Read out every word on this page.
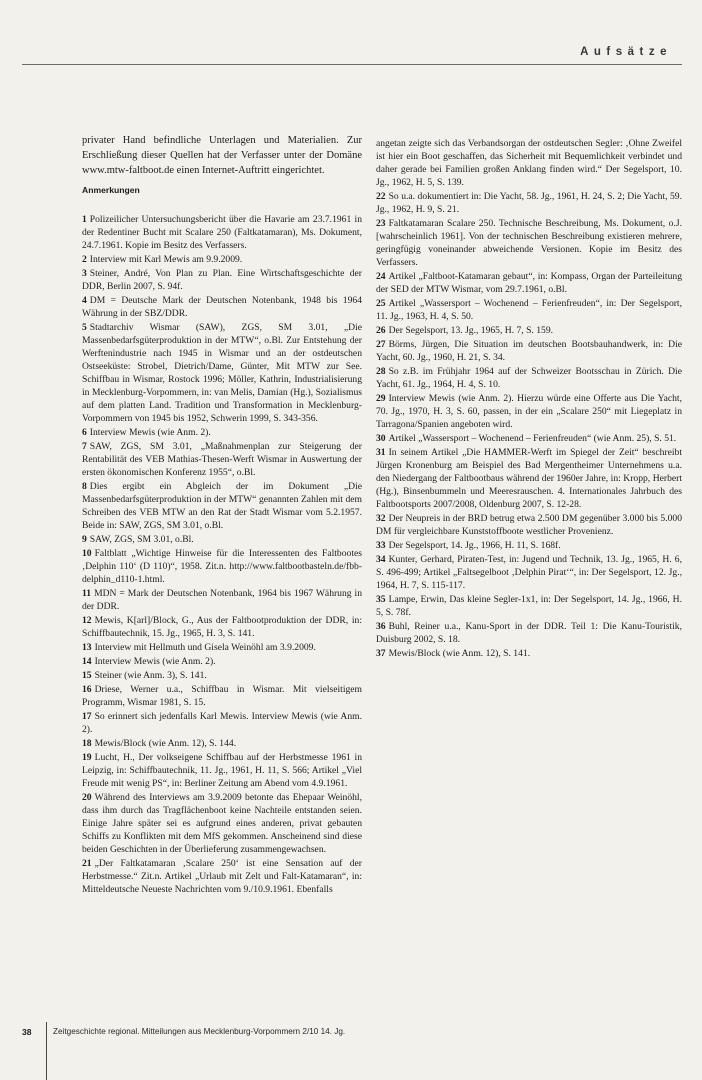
Aufsätze

privater Hand befindliche Unterlagen und Materialien. Zur Erschließung dieser Quellen hat der Verfasser unter der Domäne www.mtw-faltboot.de einen Internet-Auftritt eingerichtet.

Anmerkungen

1 Polizeilicher Untersuchungsbericht über die Havarie am 23.7.1961 in der Redentiner Bucht mit Scalare 250 (Faltkatamaran), Ms. Dokument, 24.7.1961. Kopie im Besitz des Verfassers.

2 Interview mit Karl Mewis am 9.9.2009.

3 Steiner, André, Von Plan zu Plan. Eine Wirtschaftsgeschichte der DDR, Berlin 2007, S. 94f.

4 DM = Deutsche Mark der Deutschen Notenbank, 1948 bis 1964 Währung in der SBZ/DDR.

5 Stadtarchiv Wismar (SAW), ZGS, SM 3.01, „Die Massenbedarfsgüterproduktion in der MTW“, o.Bl. Zur Entstehung der Werftenindustrie nach 1945 in Wismar und an der ostdeutschen Ostseeküste: Strobel, Dietrich/Dame, Günter, Mit MTW zur See. Schiffbau in Wismar, Rostock 1996; Möller, Kathrin, Industrialisierung in Mecklenburg-Vorpommern, in: van Melis, Damian (Hg.), Sozialismus auf dem platten Land. Tradition und Transformation in Mecklenburg-Vorpommern von 1945 bis 1952, Schwerin 1999, S. 343-356.

6 Interview Mewis (wie Anm. 2).

7 SAW, ZGS, SM 3.01, „Maßnahmenplan zur Steigerung der Rentabilität des VEB Mathias-Thesen-Werft Wismar in Auswertung der ersten ökonomischen Konferenz 1955“, o.Bl.

8 Dies ergibt ein Abgleich der im Dokument „Die Massenbedarfsgüterproduktion in der MTW“ genannten Zahlen mit dem Schreiben des VEB MTW an den Rat der Stadt Wismar vom 5.2.1957. Beide in: SAW, ZGS, SM 3.01, o.Bl.

9 SAW, ZGS, SM 3.01, o.Bl.

10 Faltblatt „Wichtige Hinweise für die Interessenten des Faltbootes ‚Delphin 110‘ (D 110)“, 1958. Zit.n. http://www.faltbootbasteln.de/fbb-delphin_d110-1.html.

11 MDN = Mark der Deutschen Notenbank, 1964 bis 1967 Währung in der DDR.

12 Mewis, K[arl]/Block, G., Aus der Faltbootproduktion der DDR, in: Schiffbautechnik, 15. Jg., 1965, H. 3, S. 141.

13 Interview mit Hellmuth und Gisela Weinöhl am 3.9.2009.

14 Interview Mewis (wie Anm. 2).

15 Steiner (wie Anm. 3), S. 141.

16 Driese, Werner u.a., Schiffbau in Wismar. Mit vielseitigem Programm, Wismar 1981, S. 15.

17 So erinnert sich jedenfalls Karl Mewis. Interview Mewis (wie Anm. 2).

18 Mewis/Block (wie Anm. 12), S. 144.

19 Lucht, H., Der volkseigene Schiffbau auf der Herbstmesse 1961 in Leipzig, in: Schiffbautechnik, 11. Jg., 1961, H. 11, S. 566; Artikel „Viel Freude mit wenig PS“, in: Berliner Zeitung am Abend vom 4.9.1961.

20 Während des Interviews am 3.9.2009 betonte das Ehepaar Weinöhl, dass ihm durch das Tragflächenboot keine Nachteile entstanden seien. Einige Jahre später sei es aufgrund eines anderen, privat gebauten Schiffs zu Konflikten mit dem MfS gekommen. Anscheinend sind diese beiden Geschichten in der Überlieferung zusammengewachsen.

21 „Der Faltkatamaran ‚Scalare 250‘ ist eine Sensation auf der Herbstmesse.“ Zit.n. Artikel „Urlaub mit Zelt und Falt-Katamaran“, in: Mitteldeutsche Neueste Nachrichten vom 9./10.9.1961. Ebenfalls

angetan zeigte sich das Verbandsorgan der ostdeutschen Segler: ‚Ohne Zweifel ist hier ein Boot geschaffen, das Sicherheit mit Bequemlichkeit verbindet und daher gerade bei Familien großen Anklang finden wird.“ Der Segelsport, 10. Jg., 1962, H. 5, S. 139.

22 So u.a. dokumentiert in: Die Yacht, 58. Jg., 1961, H. 24, S. 2; Die Yacht, 59. Jg., 1962, H. 9, S. 21.

23 Faltkatamaran Scalare 250. Technische Beschreibung, Ms. Dokument, o.J. [wahrscheinlich 1961]. Von der technischen Beschreibung existieren mehrere, geringfügig voneinander abweichende Versionen. Kopie im Besitz des Verfassers.

24 Artikel „Faltboot-Katamaran gebaut“, in: Kompass, Organ der Parteileitung der SED der MTW Wismar, vom 29.7.1961, o.Bl.

25 Artikel „Wassersport – Wochenend – Ferienfreuden“, in: Der Segelsport, 11. Jg., 1963, H. 4, S. 50.

26 Der Segelsport, 13. Jg., 1965, H. 7, S. 159.

27 Börms, Jürgen, Die Situation im deutschen Bootsbauhandwerk, in: Die Yacht, 60. Jg., 1960, H. 21, S. 34.

28 So z.B. im Frühjahr 1964 auf der Schweizer Bootsschau in Zürich. Die Yacht, 61. Jg., 1964, H. 4, S. 10.

29 Interview Mewis (wie Anm. 2). Hierzu würde eine Offerte aus Die Yacht, 70. Jg., 1970, H. 3, S. 60, passen, in der ein „Scalare 250“ mit Liegeplatz in Tarragona/Spanien angeboten wird.

30 Artikel „Wassersport – Wochenend – Ferienfreuden“ (wie Anm. 25), S. 51.

31 In seinem Artikel „Die HAMMER-Werft im Spiegel der Zeit“ beschreibt Jürgen Kronenburg am Beispiel des Bad Mergentheimer Unternehmens u.a. den Niedergang der Faltbootbaus während der 1960er Jahre, in: Kropp, Herbert (Hg.), Binsenbummeln und Meeresrauschen. 4. Internationales Jahrbuch des Faltbootsports 2007/2008, Oldenburg 2007, S. 12-28.

32 Der Neupreis in der BRD betrug etwa 2.500 DM gegenüber 3.000 bis 5.000 DM für vergleichbare Kunststoffboote westlicher Provenienz.

33 Der Segelsport, 14. Jg., 1966, H. 11, S. 168f.

34 Kunter, Gerhard, Piraten-Test, in: Jugend und Technik, 13. Jg., 1965, H. 6, S. 496-499; Artikel „Faltsegelboot ‚Delphin Pirat‘“, in: Der Segelsport, 12. Jg., 1964, H. 7, S. 115-117.

35 Lampe, Erwin, Das kleine Segler-1x1, in: Der Segelsport, 14. Jg., 1966, H. 5, S. 78f.

36 Buhl, Reiner u.a., Kanu-Sport in der DDR. Teil 1: Die Kanu-Touristik, Duisburg 2002, S. 18.

37 Mewis/Block (wie Anm. 12), S. 141.

38	Zeitgeschichte regional. Mitteilungen aus Mecklenburg-Vorpommern 2/10 14. Jg.
